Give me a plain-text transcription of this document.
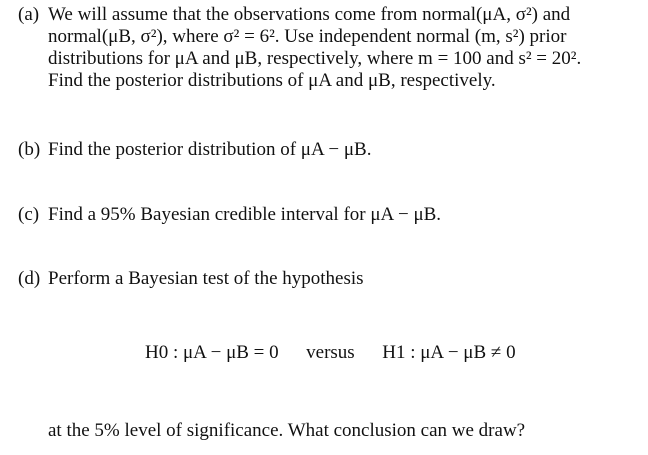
(a) We will assume that the observations come from normal(μA, σ²) and
normal(μB, σ²), where σ² = 6². Use independent normal (m, s²) prior
distributions for μA and μB, respectively, where m = 100 and s² = 20².
Find the posterior distributions of μA and μB, respectively.
(b) Find the posterior distribution of μA − μB.
(c) Find a 95% Bayesian credible interval for μA − μB.
(d) Perform a Bayesian test of the hypothesis
H0 : μA − μB = 0 versus H1 : μA − μB ≠ 0
at the 5% level of significance. What conclusion can we draw?
